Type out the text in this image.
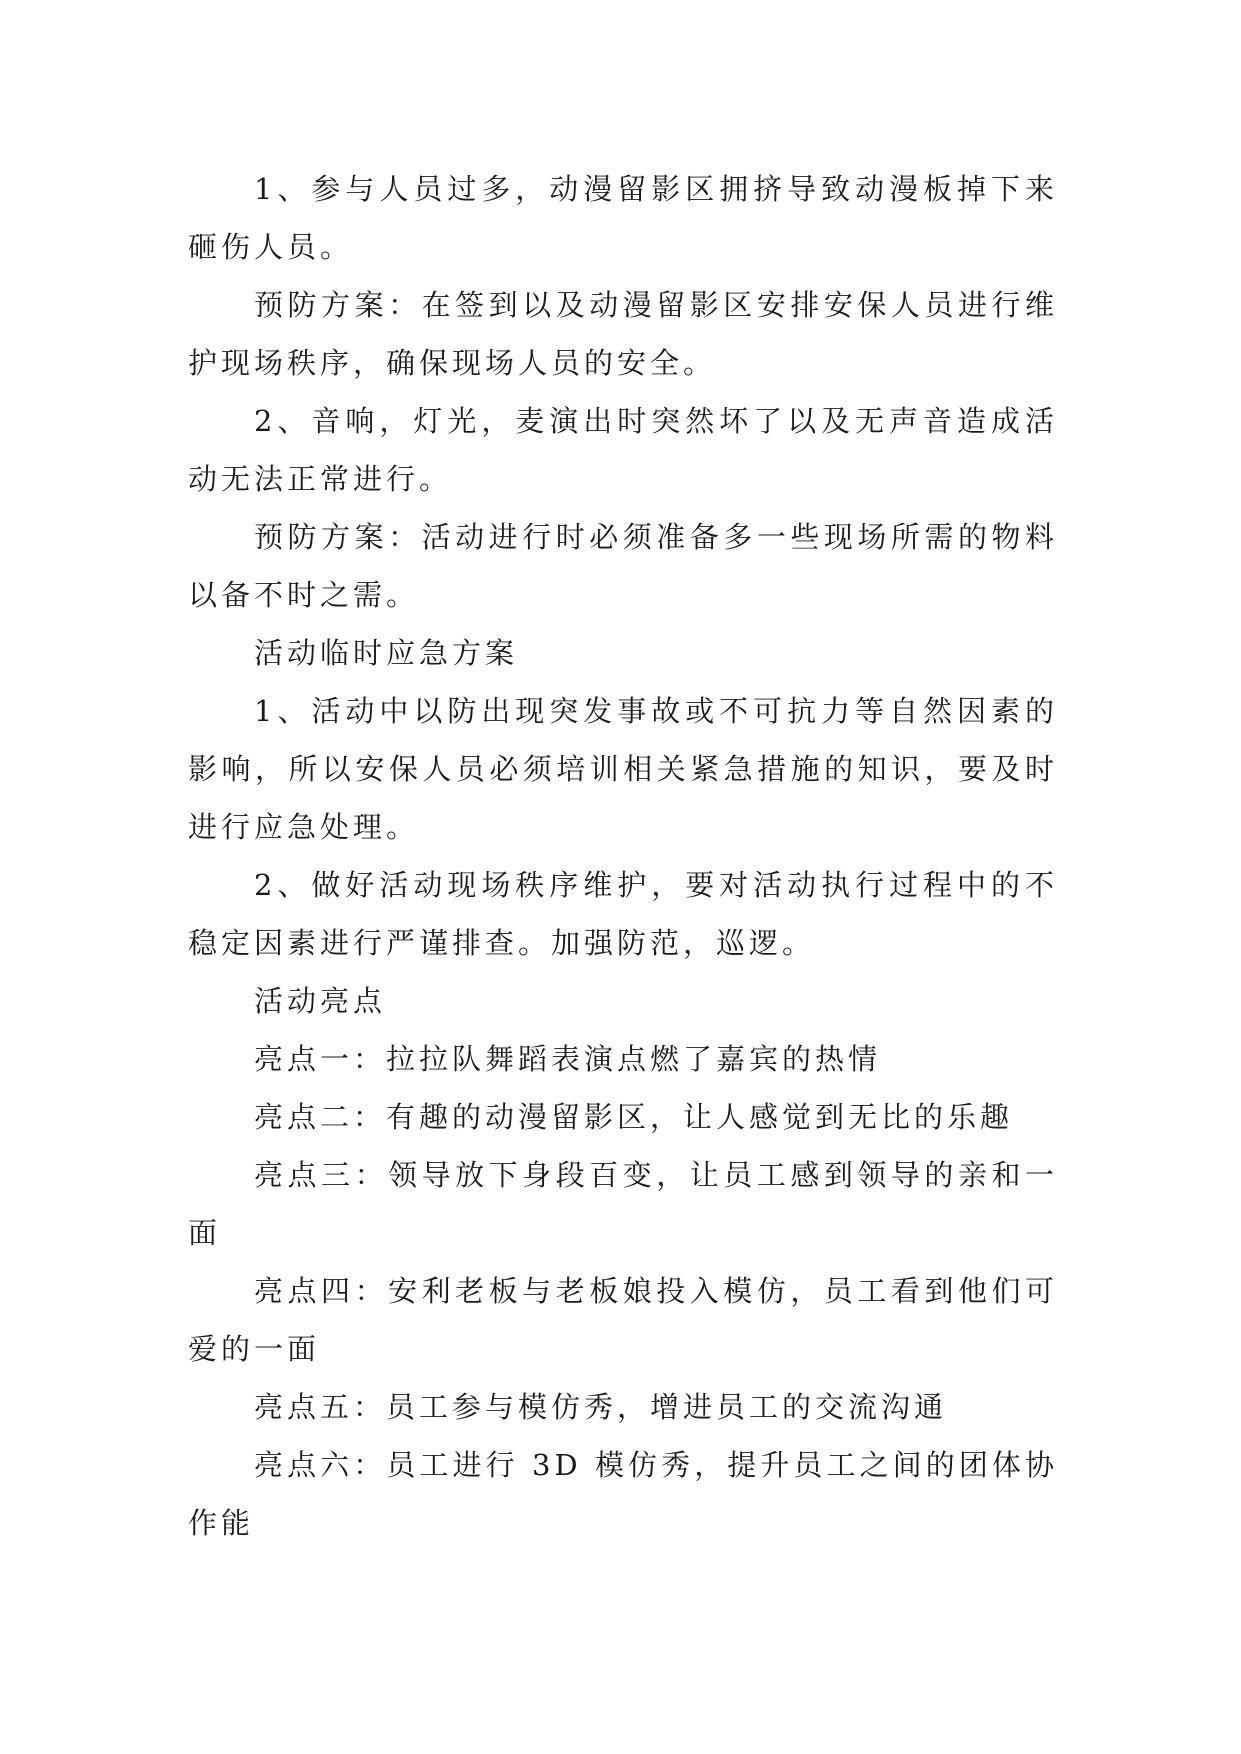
1、参与人员过多，动漫留影区拥挤导致动漫板掉下来砸伤人员。

预防方案：在签到以及动漫留影区安排安保人员进行维护现场秩序，确保现场人员的安全。

2、音响，灯光，麦演出时突然坏了以及无声音造成活动无法正常进行。

预防方案：活动进行时必须准备多一些现场所需的物料以备不时之需。

活动临时应急方案

1、活动中以防出现突发事故或不可抗力等自然因素的影响，所以安保人员必须培训相关紧急措施的知识，要及时进行应急处理。

2、做好活动现场秩序维护，要对活动执行过程中的不稳定因素进行严谨排查。加强防范，巡逻。

活动亮点

亮点一：拉拉队舞蹈表演点燃了嘉宾的热情

亮点二：有趣的动漫留影区，让人感觉到无比的乐趣

亮点三：领导放下身段百变，让员工感到领导的亲和一面

亮点四：安利老板与老板娘投入模仿，员工看到他们可爱的一面

亮点五：员工参与模仿秀，增进员工的交流沟通

亮点六：员工进行 3D 模仿秀，提升员工之间的团体协作能
